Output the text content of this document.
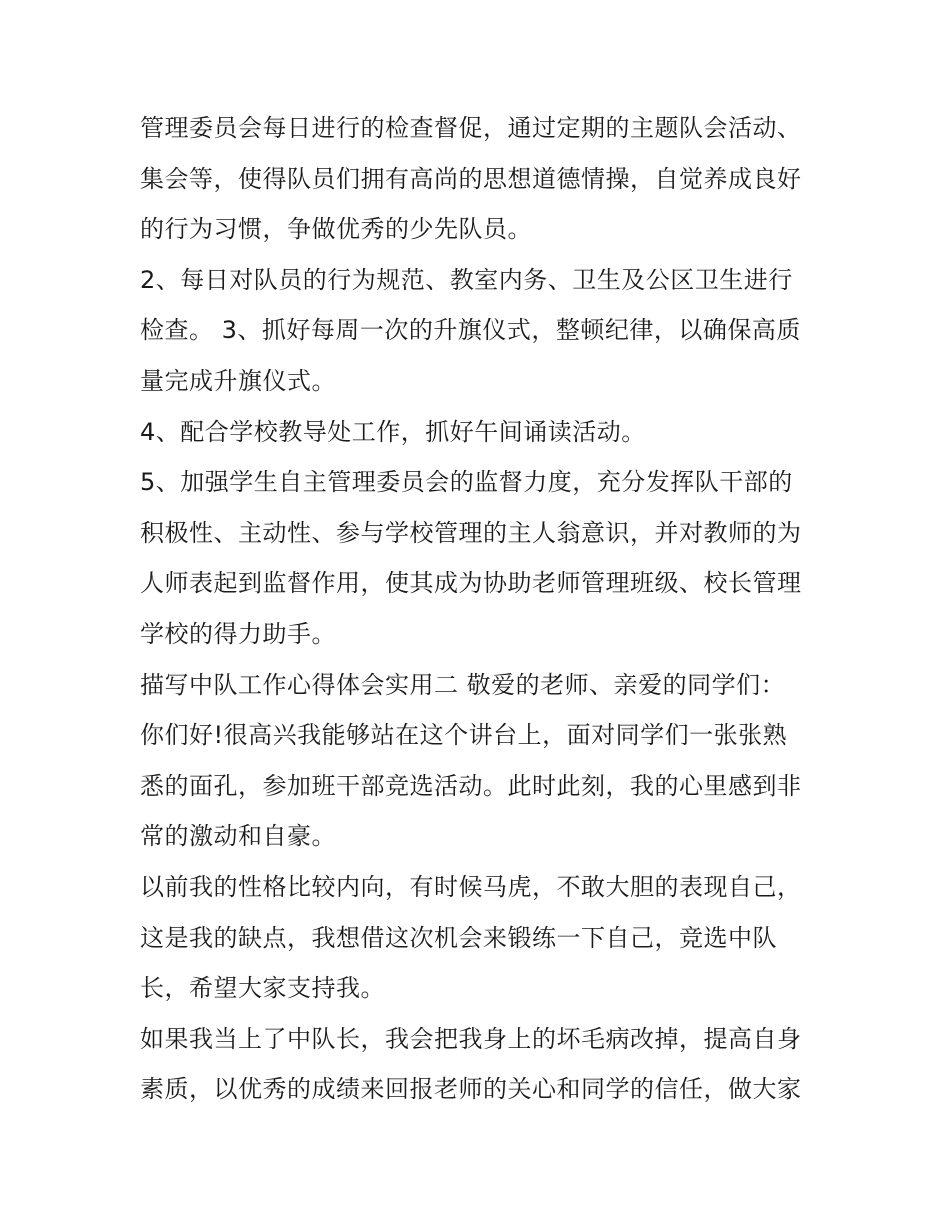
管理委员会每日进行的检查督促，通过定期的主题队会活动、
集会等，使得队员们拥有高尚的思想道德情操，自觉养成良好
的行为习惯，争做优秀的少先队员。

2、每日对队员的行为规范、教室内务、卫生及公区卫生进行
检查。 3、抓好每周一次的升旗仪式，整顿纪律，以确保高质
量完成升旗仪式。

4、配合学校教导处工作，抓好午间诵读活动。

5、加强学生自主管理委员会的监督力度，充分发挥队干部的
积极性、主动性、参与学校管理的主人翁意识，并对教师的为
人师表起到监督作用，使其成为协助老师管理班级、校长管理
学校的得力助手。

描写中队工作心得体会实用二 敬爱的老师、亲爱的同学们：

你们好!很高兴我能够站在这个讲台上，面对同学们一张张熟
悉的面孔，参加班干部竞选活动。此时此刻，我的心里感到非
常的激动和自豪。

以前我的性格比较内向，有时候马虎，不敢大胆的表现自己，
这是我的缺点，我想借这次机会来锻练一下自己，竞选中队
长，希望大家支持我。

如果我当上了中队长，我会把我身上的坏毛病改掉，提高自身
素质，以优秀的成绩来回报老师的关心和同学的信任，做大家
